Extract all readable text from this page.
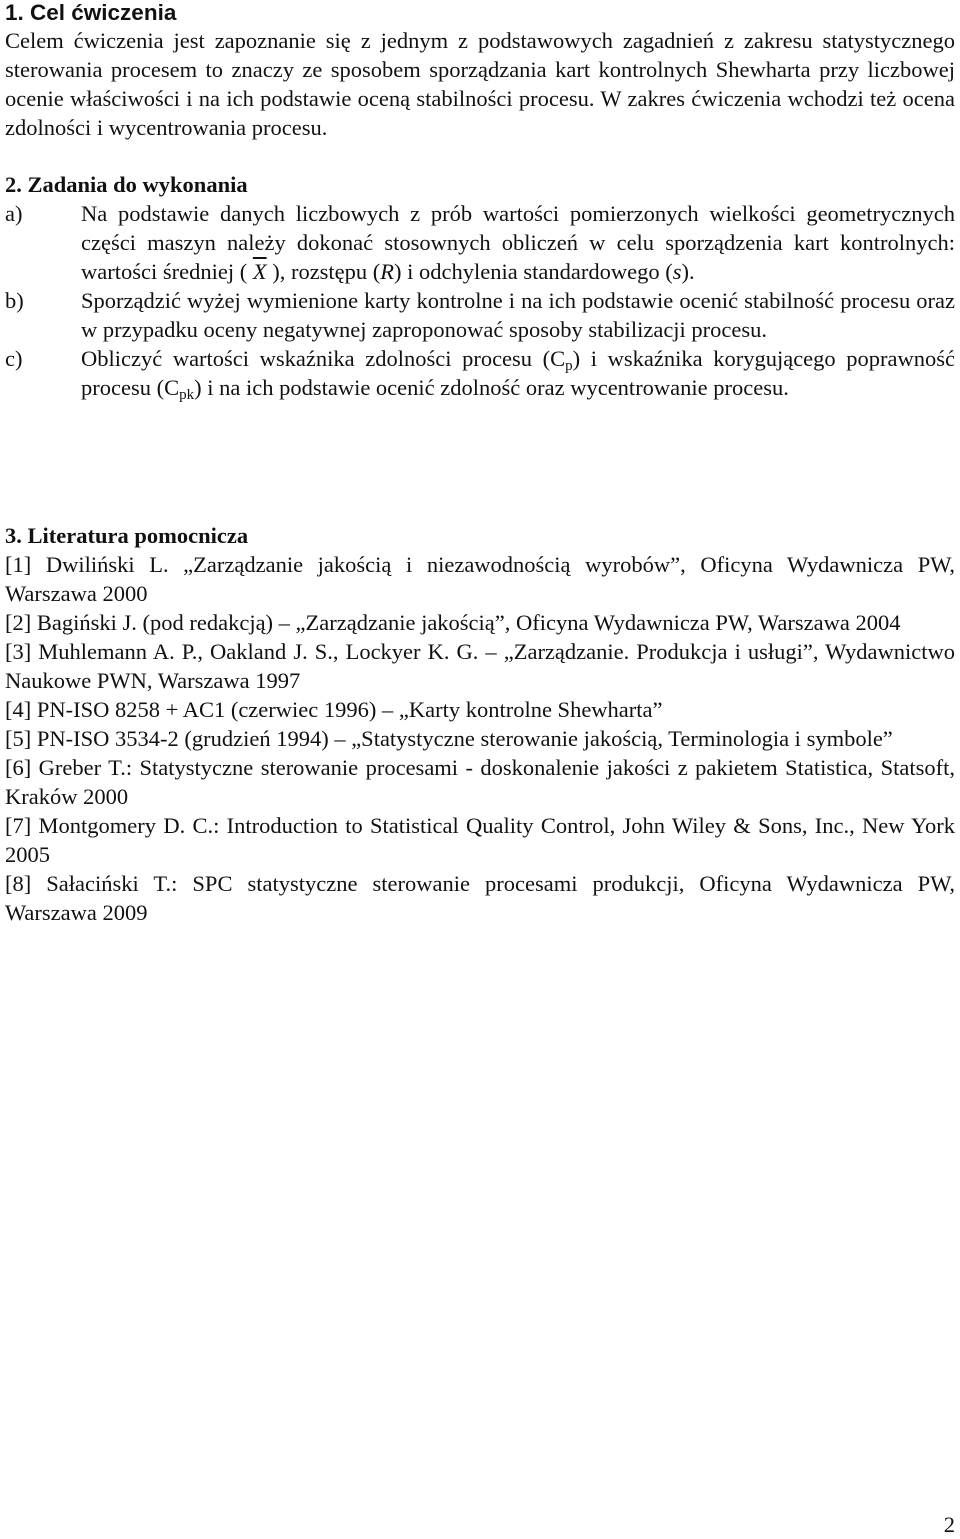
1. Cel ćwiczenia

Celem ćwiczenia jest zapoznanie się z jednym z podstawowych zagadnień z zakresu statystycznego sterowania procesem to znaczy ze sposobem sporządzania kart kontrolnych Shewharta przy liczbowej ocenie właściwości i na ich podstawie oceną stabilności procesu. W zakres ćwiczenia wchodzi też ocena zdolności i wycentrowania procesu.

2. Zadania do wykonania
a)	Na podstawie danych liczbowych z prób wartości pomierzonych wielkości geometrycznych części maszyn należy dokonać stosownych obliczeń w celu sporządzenia kart kontrolnych: wartości średniej ( $\overline{X}$ ), rozstępu (R) i odchylenia standardowego (s).
b)	Sporządzić wyżej wymienione karty kontrolne i na ich podstawie ocenić stabilność procesu oraz w przypadku oceny negatywnej zaproponować sposoby stabilizacji procesu.
c)	Obliczyć wartości wskaźnika zdolności procesu $(C_p)$ i wskaźnika korygującego poprawność procesu $(C_{pk})$ i na ich podstawie ocenić zdolność oraz wycentrowanie procesu.
3. Literatura pomocnicza

[1] Dwiliński L. „Zarządzanie jakością i niezawodnością wyrobów”, Oficyna Wydawnicza PW, Warszawa 2000

[2] Bagiński J. (pod redakcją) – „Zarządzanie jakością”, Oficyna Wydawnicza PW, Warszawa 2004

[3] Muhlemann A. P., Oakland J. S., Lockyer K. G. – „Zarządzanie. Produkcja i usługi”, Wydawnictwo Naukowe PWN, Warszawa 1997

[4] PN-ISO 8258 + AC1 (czerwiec 1996) – „Karty kontrolne Shewharta”

[5] PN-ISO 3534-2 (grudzień 1994) – „Statystyczne sterowanie jakością, Terminologia i symbole”

[6] Greber T.: Statystyczne sterowanie procesami - doskonalenie jakości z pakietem Statistica, Statsoft, Kraków 2000

[7] Montgomery D. C.: Introduction to Statistical Quality Control, John Wiley & Sons, Inc., New York 2005

[8] Sałaciński T.: SPC statystyczne sterowanie procesami produkcji, Oficyna Wydawnicza PW, Warszawa 2009

2
